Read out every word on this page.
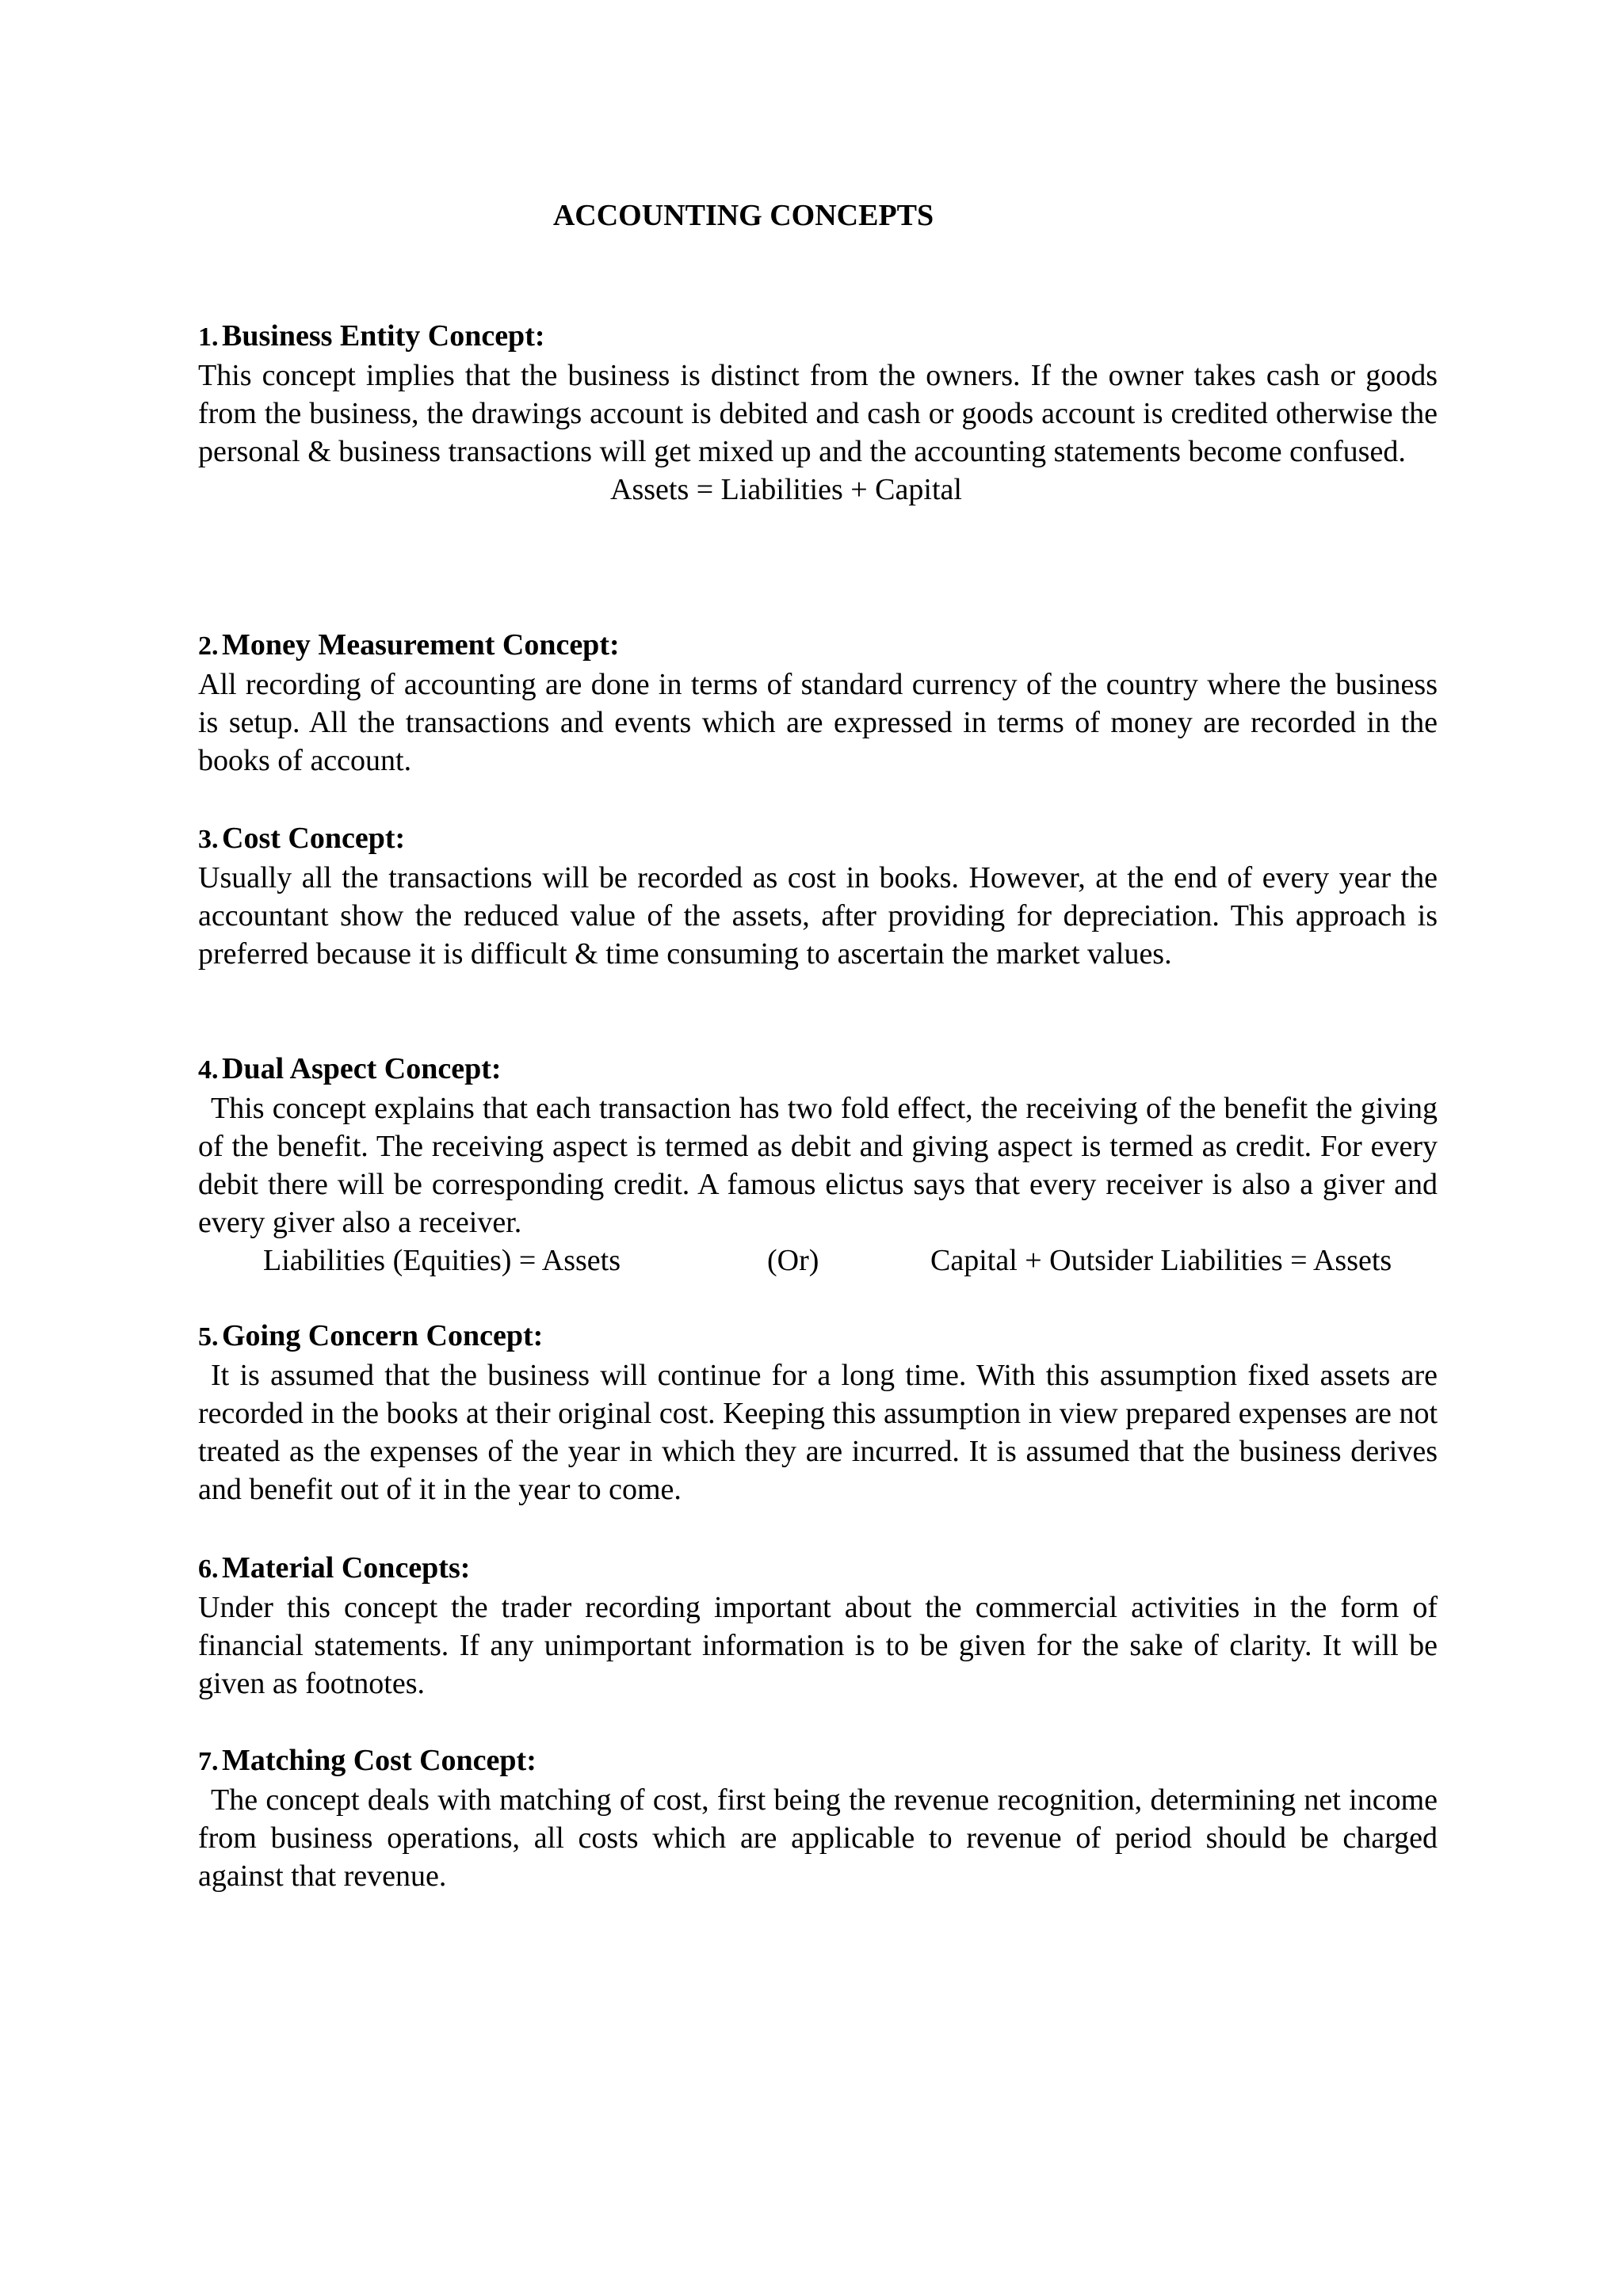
ACCOUNTING CONCEPTS
1. Business Entity Concept:

This concept implies that the business is distinct from the owners. If the owner takes cash or goods from the business, the drawings account is debited and cash or goods account is credited otherwise the personal & business transactions will get mixed up and the accounting statements become confused.

Assets = Liabilities + Capital
2. Money Measurement Concept:

All recording of accounting are done in terms of standard currency of the country where the business is setup. All the transactions and events which are expressed in terms of money are recorded in the books of account.

3. Cost Concept:

Usually all the transactions will be recorded as cost in books. However, at the end of every year the accountant show the reduced value of the assets, after providing for depreciation. This approach is preferred because it is difficult & time consuming to ascertain the market values.

4. Dual Aspect Concept:

This concept explains that each transaction has two fold effect, the receiving of the benefit the giving of the benefit. The receiving aspect is termed as debit and giving aspect is termed as credit. For every debit there will be corresponding credit. A famous elictus says that every receiver is also a giver and every giver also a receiver.

Liabilities (Equities) = Assets	(Or)	Capital + Outsider Liabilities = Assets
5. Going Concern Concept:

It is assumed that the business will continue for a long time. With this assumption fixed assets are recorded in the books at their original cost. Keeping this assumption in view prepared expenses are not treated as the expenses of the year in which they are incurred. It is assumed that the business derives and benefit out of it in the year to come.

6. Material Concepts:

Under this concept the trader recording important about the commercial activities in the form of financial statements. If any unimportant information is to be given for the sake of clarity. It will be given as footnotes.

7. Matching Cost Concept:

The concept deals with matching of cost, first being the revenue recognition, determining net income from business operations, all costs which are applicable to revenue of period should be charged against that revenue.
